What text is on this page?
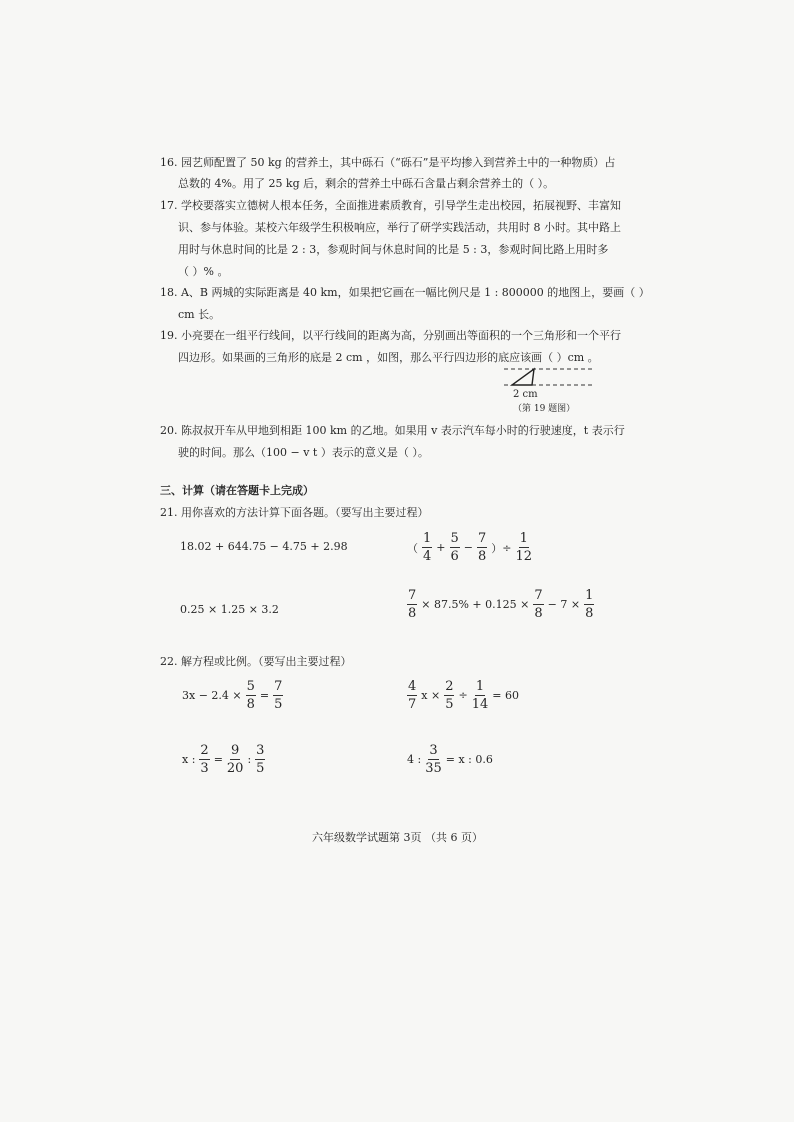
16. 园艺师配置了 50 kg 的营养土，其中砾石（“砾石”是平均掺入到营养土中的一种物质）占
总数的 4%。用了 25 kg 后，剩余的营养土中砾石含量占剩余营养土的（ ）。
17. 学校要落实立德树人根本任务，全面推进素质教育，引导学生走出校园，拓展视野、丰富知
识、参与体验。某校六年级学生积极响应，举行了研学实践活动，共用时 8 小时。其中路上
用时与休息时间的比是 2 : 3，参观时间与休息时间的比是 5 : 3，参观时间比路上用时多
（ ）% 。
18. A、B 两城的实际距离是 40 km，如果把它画在一幅比例尺是 1 : 800000 的地图上，要画（ ）
cm 长。
19. 小亮要在一组平行线间，以平行线间的距离为高，分别画出等面积的一个三角形和一个平行
四边形。如果画的三角形的底是 2 cm ，如图，那么平行四边形的底应该画（ ）cm 。
2 cm
（第 19 题图）
20. 陈叔叔开车从甲地到相距 100 km 的乙地。如果用 v 表示汽车每小时的行驶速度，t 表示行
驶的时间。那么（100 − v t ）表示的意义是（ ）。
三、计算（请在答题卡上完成）
21. 用你喜欢的方法计算下面各题。（要写出主要过程）
18.02 + 644.75 − 4.75 + 2.98	（ $\frac{1}{4} + \frac{5}{6} - \frac{7}{8}$ ）÷ $\frac{1}{12}$
0.25 × 1.25 × 3.2	$\frac{7}{8} \times 87.5\% + 0.125 \times \frac{7}{8} - 7 \times \frac{1}{8}$
22. 解方程或比例。（要写出主要过程）
$3x - 2.4 \times \frac{5}{8} = \frac{7}{5}$	$\frac{4}{7}$ $x \times \frac{2}{5} \div \frac{1}{14} = 60$
x : $\frac{2}{3} = \frac{9}{20}$ : $\frac{3}{5}$	4 : $\frac{3}{35} = x$ : 0.6
六年级数学试题第 3页 （共 6 页）
